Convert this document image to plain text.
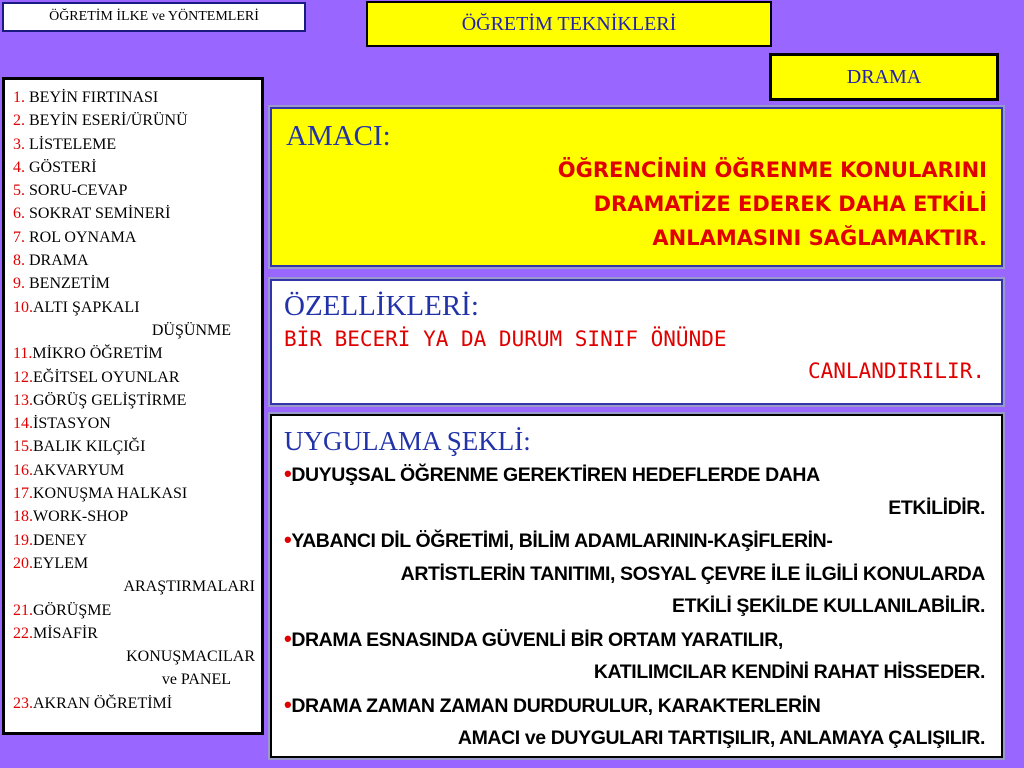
ÖĞRETİM İLKE ve YÖNTEMLERİ	ÖĞRETİM TEKNİKLERİ
DRAMA
1. BEYİN FIRTINASI
2. BEYİN ESERİ/ÜRÜNÜ
3. LİSTELEME
4. GÖSTERİ
5. SORU-CEVAP
6. SOKRAT SEMİNERİ
7. ROL OYNAMA
8. DRAMA
9. BENZETİM
10.ALTI ŞAPKALI
DÜŞÜNME
11.MİKRO ÖĞRETİM
12.EĞİTSEL OYUNLAR
13.GÖRÜŞ GELİŞTİRME
14.İSTASYON
15.BALIK KILÇIĞI
16.AKVARYUM
17.KONUŞMA HALKASI
18.WORK-SHOP
19.DENEY
20.EYLEM
ARAŞTIRMALARI
21.GÖRÜŞME
22.MİSAFİR
KONUŞMACILAR
ve PANEL
23.AKRAN ÖĞRETİMİ
AMACI:
ÖĞRENCİNİN ÖĞRENME KONULARINI
DRAMATİZE EDEREK DAHA ETKİLİ
ANLAMASINI SAĞLAMAKTIR.
ÖZELLİKLERİ:
BİR BECERİ YA DA DURUM SINIF ÖNÜNDE
CANLANDIRILIR.
UYGULAMA ŞEKLİ:
•DUYUŞSAL ÖĞRENME GEREKTİREN HEDEFLERDE DAHA
ETKİLİDİR.
•YABANCI DİL ÖĞRETİMİ, BİLİM ADAMLARININ-KAŞİFLERİN-
ARTİSTLERİN TANITIMI, SOSYAL ÇEVRE İLE İLGİLİ KONULARDA
ETKİLİ ŞEKİLDE KULLANILABİLİR.
•DRAMA ESNASINDA GÜVENLİ BİR ORTAM YARATILIR,
KATILIMCILAR KENDİNİ RAHAT HİSSEDER.
•DRAMA ZAMAN ZAMAN DURDURULUR, KARAKTERLERİN
AMACI ve DUYGULARI TARTIŞILIR, ANLAMAYA ÇALIŞILIR.
